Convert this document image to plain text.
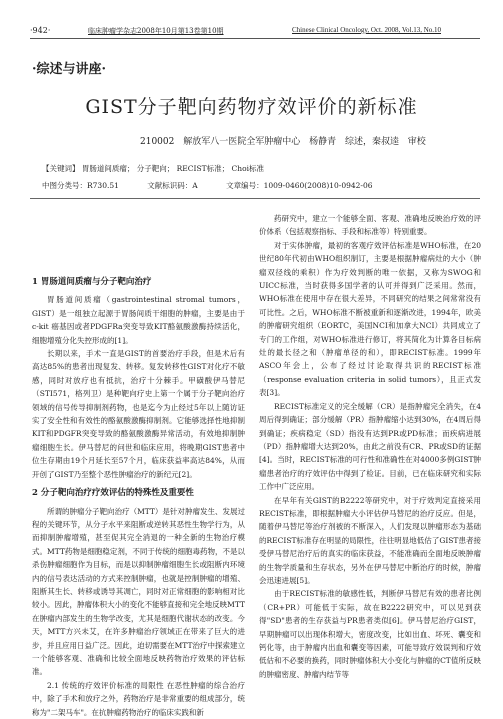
·942·	临床肿瘤学杂志2008年10月第13卷第10期	Chinese Clinical Oncology, Oct. 2008, Vol.13, No.10
·综述与讲座·
GIST分子靶向药物疗效评价的新标准
210002 解放军八一医院全军肿瘤中心 杨静青 综述，秦叔逵 审校
【关键词】 胃肠道间质瘤； 分子靶向； RECIST标准； Choi标准
中图分类号：R730.51	文献标识码：A	文章编号：1009-0460(2008)10-0942-06
1 胃肠道间质瘤与分子靶向治疗

胃肠道间质瘤（gastrointestinal stromal tumors，GIST）是一组独立起源于胃肠间质干细胞的肿瘤，主要是由于c-kit 癌基因或者PDGFRa突变导致KIT酪氨酸激酶持续活化，细胞增殖分化失控形成的[1]。

长期以来，手术一直是GIST的首要治疗手段，但是术后有高达85%的患者出现复发、转移。复发转移性GIST对化疗不敏感，同时对放疗也有抵抗，治疗十分棘手。甲磺酸伊马替尼（STI571，格列卫）是种靶向疗史上第一个属于分子靶向治疗领域的信号传导抑制剂药物，也是迄今为止经过5年以上随访证实了安全性和有效性的酪氨酸激酶抑制剂。它能够选择性地抑制KIT和PDGFR突变导致的酪氨酸激酶异常活动，有效地抑制肿瘤细胞生长。伊马替尼的问世和临床应用，将晚期GIST患者中位生存期由19个月延长至57个月，临床获益率高达84%，从而开创了GIST乃至整个恶性肿瘤治疗的新纪元[2]。

2 分子靶向治疗疗效评估的特殊性及重要性

所谓的肿瘤分子靶向治疗（MTT）是针对肿瘤发生、发展过程的关键环节，从分子水平来阻断或逆转其恶性生物学行为，从而抑制肿瘤增殖，甚至促其完全消退的一种全新的生物治疗模式。MTT药物是细胞稳定剂，不同于传统的细胞毒药物，不是以杀伤肿瘤细胞作为目标，而是以抑制肿瘤细胞生长或阻断内环境内的信号表达活动的方式来控制肿瘤，也就是控制肿瘤的增殖、阻断其生长、转移或诱导其凋亡，同时对正常细胞的影响相对比较小。因此，肿瘤体积大小的变化不能够直接和完全地反映MTT在肿瘤内部发生的生物学改变，尤其是细胞代谢状态的改变。今天，MTT方兴未艾，在许多肿瘤治疗领域正在带来了巨大的进步，并且应用日益广泛。因此，迫切需要在MTT治疗中探索建立一个能够客观、准确和比较全面地反映药物治疗效果的评估标准。

2.1 传统的疗效评价标准的局限性 在恶性肿瘤的综合治疗中，除了手术和放疗之外，药物治疗是非常重要的组成部分，统称为"二架马车"。在抗肿瘤药物治疗的临床实践和新

药研究中，建立一个能够全面、客观、准确地反映治疗效的评价体系（包括观察指标、手段和标准等）特别重要。

对于实体肿瘤，最初的客观疗效评估标准是WHO标准，在20世纪80年代初由WHO组织制订，主要是根据肿瘤病灶的大小（肿瘤双径线的乘积）作为疗效判断的唯一依据，又称为SWOG和UICC标准，当时获得多国学者的认可并得到广泛采用。然而，WHO标准在使用中存在很大差异，不同研究的结果之间常常没有可比性。之后，WHO标准不断被重新和逐渐改进，1994年，欧美的肿瘤研究组织（EORTC，美国NCI和加拿大NCI）共同成立了专门的工作组，对WHO标准进行修订，将其简化为计算各目标病灶的最长径之和（肿瘤单径的和），即RECIST标准。1999年ASCO年会上，公布了经过讨论取得共识的RECIST标准（response evaluation criteria in solid tumors），且正式发表[3]。

RECIST标准定义的完全缓解（CR）是指肿瘤完全消失，在4周后得到确证；部分缓解（PR）指肿瘤缩小达到30%，在4周后得到确证；疾病稳定（SD）指没有达到PR或PD标准；而疾病进展（PD）指肿瘤增大达到20%，由此之前没有CR、PR或SD的证据[4]。当时，RECIST标准的可行性和准确性在对4000多例GIST肿瘤患者治疗的疗效评估中得到了检证。目前，已在临床研究和实际工作中广泛应用。

在早年有关GIST的B2222等研究中，对于疗效判定直接采用RECIST标准，即根据肿瘤大小评估伊马替尼的治疗反应。但是，随着伊马替尼等治疗剂被的不断深入，人们发现以肿瘤形态为基础的RECIST标准存在明显的局限性，往往明显地低估了GIST患者接受伊马替尼治疗后的真实的临床获益，不能准确而全面地反映肿瘤的生物学质量和生存状态，另外在伊马替尼中断治疗的时候，肿瘤会迅速进展[5]。

由于RECIST标准的敏感性低，判断伊马替尼有效的患者比例（CR+PR）可能低于实际，故在B2222研究中，可以见到获得"SD"患者的生存获益与PR患者类似[6]。伊马替尼治疗GIST，早期肿瘤可以出现体积增大，密度改变，比如出血、坏死、囊变和钙化等，由于肿瘤内出血和囊变等因素，可能导致疗效误判和疗效低估和不必要的换药，同时肿瘤体积大小变化与肿瘤的CT值所反映的肿瘤密度、肿瘤内结节等
